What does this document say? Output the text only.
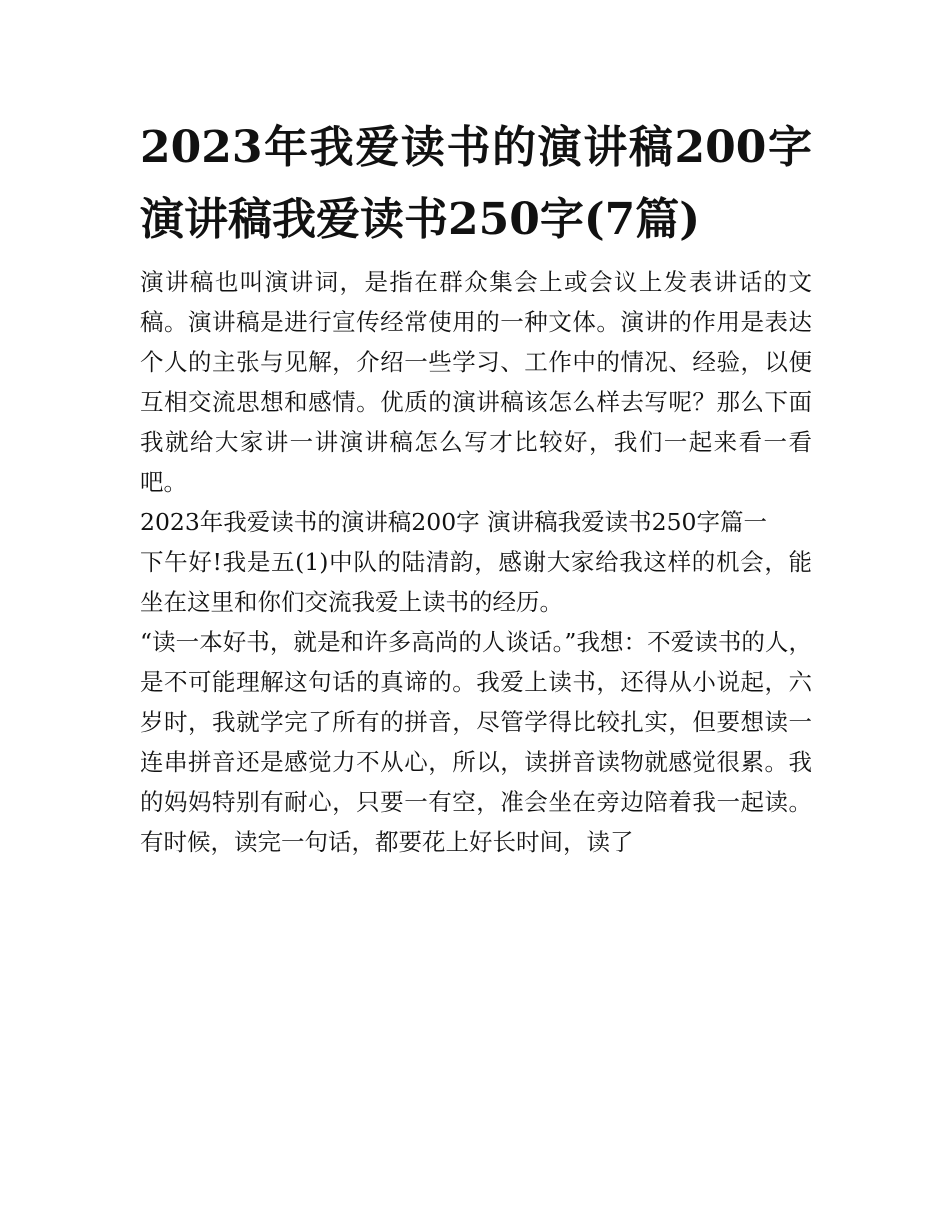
2023年我爱读书的演讲稿200字 演讲稿我爱读书250字(7篇)

演讲稿也叫演讲词，是指在群众集会上或会议上发表讲话的文稿。演讲稿是进行宣传经常使用的一种文体。演讲的作用是表达个人的主张与见解，介绍一些学习、工作中的情况、经验，以便互相交流思想和感情。优质的演讲稿该怎么样去写呢？那么下面我就给大家讲一讲演讲稿怎么写才比较好，我们一起来看一看吧。

2023年我爱读书的演讲稿200字 演讲稿我爱读书250字篇一

下午好!我是五(1)中队的陆清韵，感谢大家给我这样的机会，能坐在这里和你们交流我爱上读书的经历。

“读一本好书，就是和许多高尚的人谈话。”我想：不爱读书的人，是不可能理解这句话的真谛的。我爱上读书，还得从小说起，六岁时，我就学完了所有的拼音，尽管学得比较扎实，但要想读一连串拼音还是感觉力不从心，所以，读拼音读物就感觉很累。我的妈妈特别有耐心，只要一有空，准会坐在旁边陪着我一起读。有时候，读完一句话，都要花上好长时间，读了
